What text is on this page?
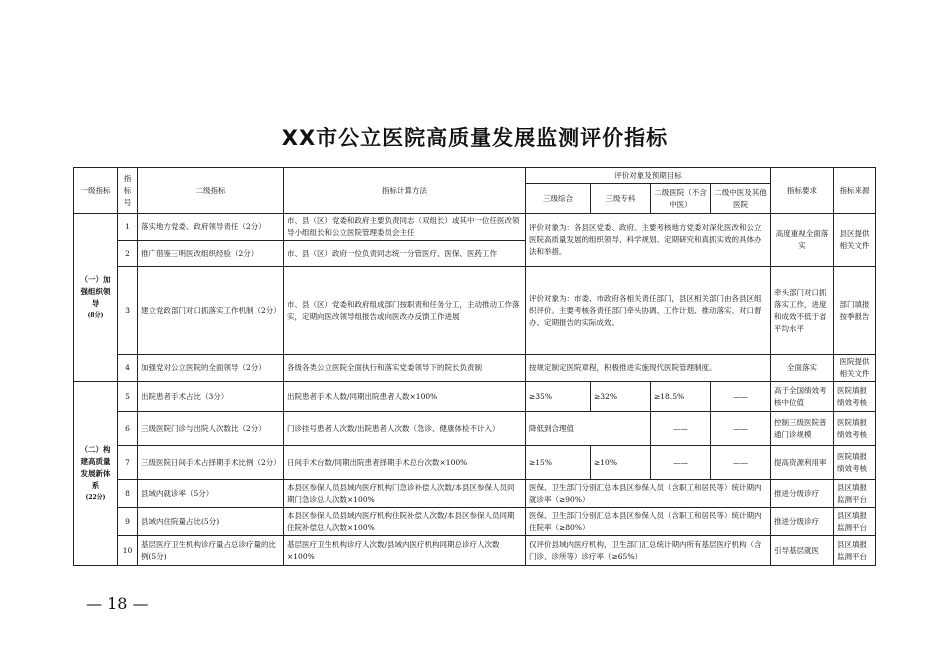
XX市公立医院高质量发展监测评价指标
一级指标	指标号	二级指标	指标计算方法	评价对象及预期目标				指标要求	指标来源
				三级综合	三级专科	二级医院（不含中医）	二级中医及其他医院		

（一）加强组织领导
(8分)	1	落实地方党委、政府领导责任（2分）	市、县（区）党委和政府主要负责同志（双组长）或其中一位任医改领导小组组长和公立医院管理委员会主任	评价对象为：各县区党委、政府。主要考核地方党委对深化医改和公立医院高质量发展的组织领导、科学规划、定期研究和真抓实效的具体办法和举措。				高度重视全面落实	县区提供相关文件
	2	推广借鉴三明医改组织经验（2分）	市、县（区）政府一位负责同志统一分管医疗、医保、医药工作						
	3	建立党政部门对口抓落实工作机制（2分）	市、县（区）党委和政府组成部门按职责和任务分工，主动推动工作落实，定期向医改领导组报告或向医改办反馈工作进展	评价对象为：市委、市政府各相关责任部门，县区相关部门由各县区组织评价。主要考核各责任部门牵头协调、工作计划、推动落实、对口督办、定期报告的实际成效。				牵头部门对口抓落实工作，进度和成效不低于省平均水平	部门填报按季报告
	4	加强党对公立医院的全面领导（2分）	各级各类公立医院全面执行和落实党委领导下的院长负责制	按规定制定医院章程，积极推进实施现代医院管理制度。				全面落实	医院提供相关文件

（二）构建高质量发展新体系
(22分)	5	出院患者手术占比（3分）	出院患者手术人数/同期出院患者人数×100%	≥35%	≥32%	≥18.5%	——	高于全国绩效考核中位值	医院填报绩效考核
	6	三级医院门诊与出院人次数比（2分）	门诊挂号患者人次数/出院患者人次数（急诊、健康体检不计入）	降低到合理值		——	——	控制三级医院普通门诊规模	医院填报绩效考核
	7	三级医院日间手术占择期手术比例（2分）	日间手术台数/同期出院患者择期手术总台次数×100%	≥15%	≥10%	——	——	提高资源利用率	医院填报绩效考核
	8	县域内就诊率（5分）	本县区参保人员县域内医疗机构门急诊补偿人次数/本县区参保人员同期门急诊总人次数×100%	医保、卫生部门分别汇总本县区参保人员（含职工和居民等）统计期内就诊率（≥90%）				推进分级诊疗	县区填报监测平台
	9	县域内住院量占比(5分)	本县区参保人员县域内医疗机构住院补偿人次数/本县区参保人员同期住院补偿总人次数×100%	医保、卫生部门分别汇总本县区参保人员（含职工和居民等）统计期内住院率（≥80%）				推进分级诊疗	县区填报监测平台
	10	基层医疗卫生机构诊疗量占总诊疗量的比例(5分)	基层医疗卫生机构诊疗人次数/县域内医疗机构同期总诊疗人次数×100%	仅评价县域内医疗机构，卫生部门汇总统计期内所有基层医疗机构（含门诊、诊所等）诊疗率（≥65%）				引导基层就医	县区填报监测平台
— 18 —
